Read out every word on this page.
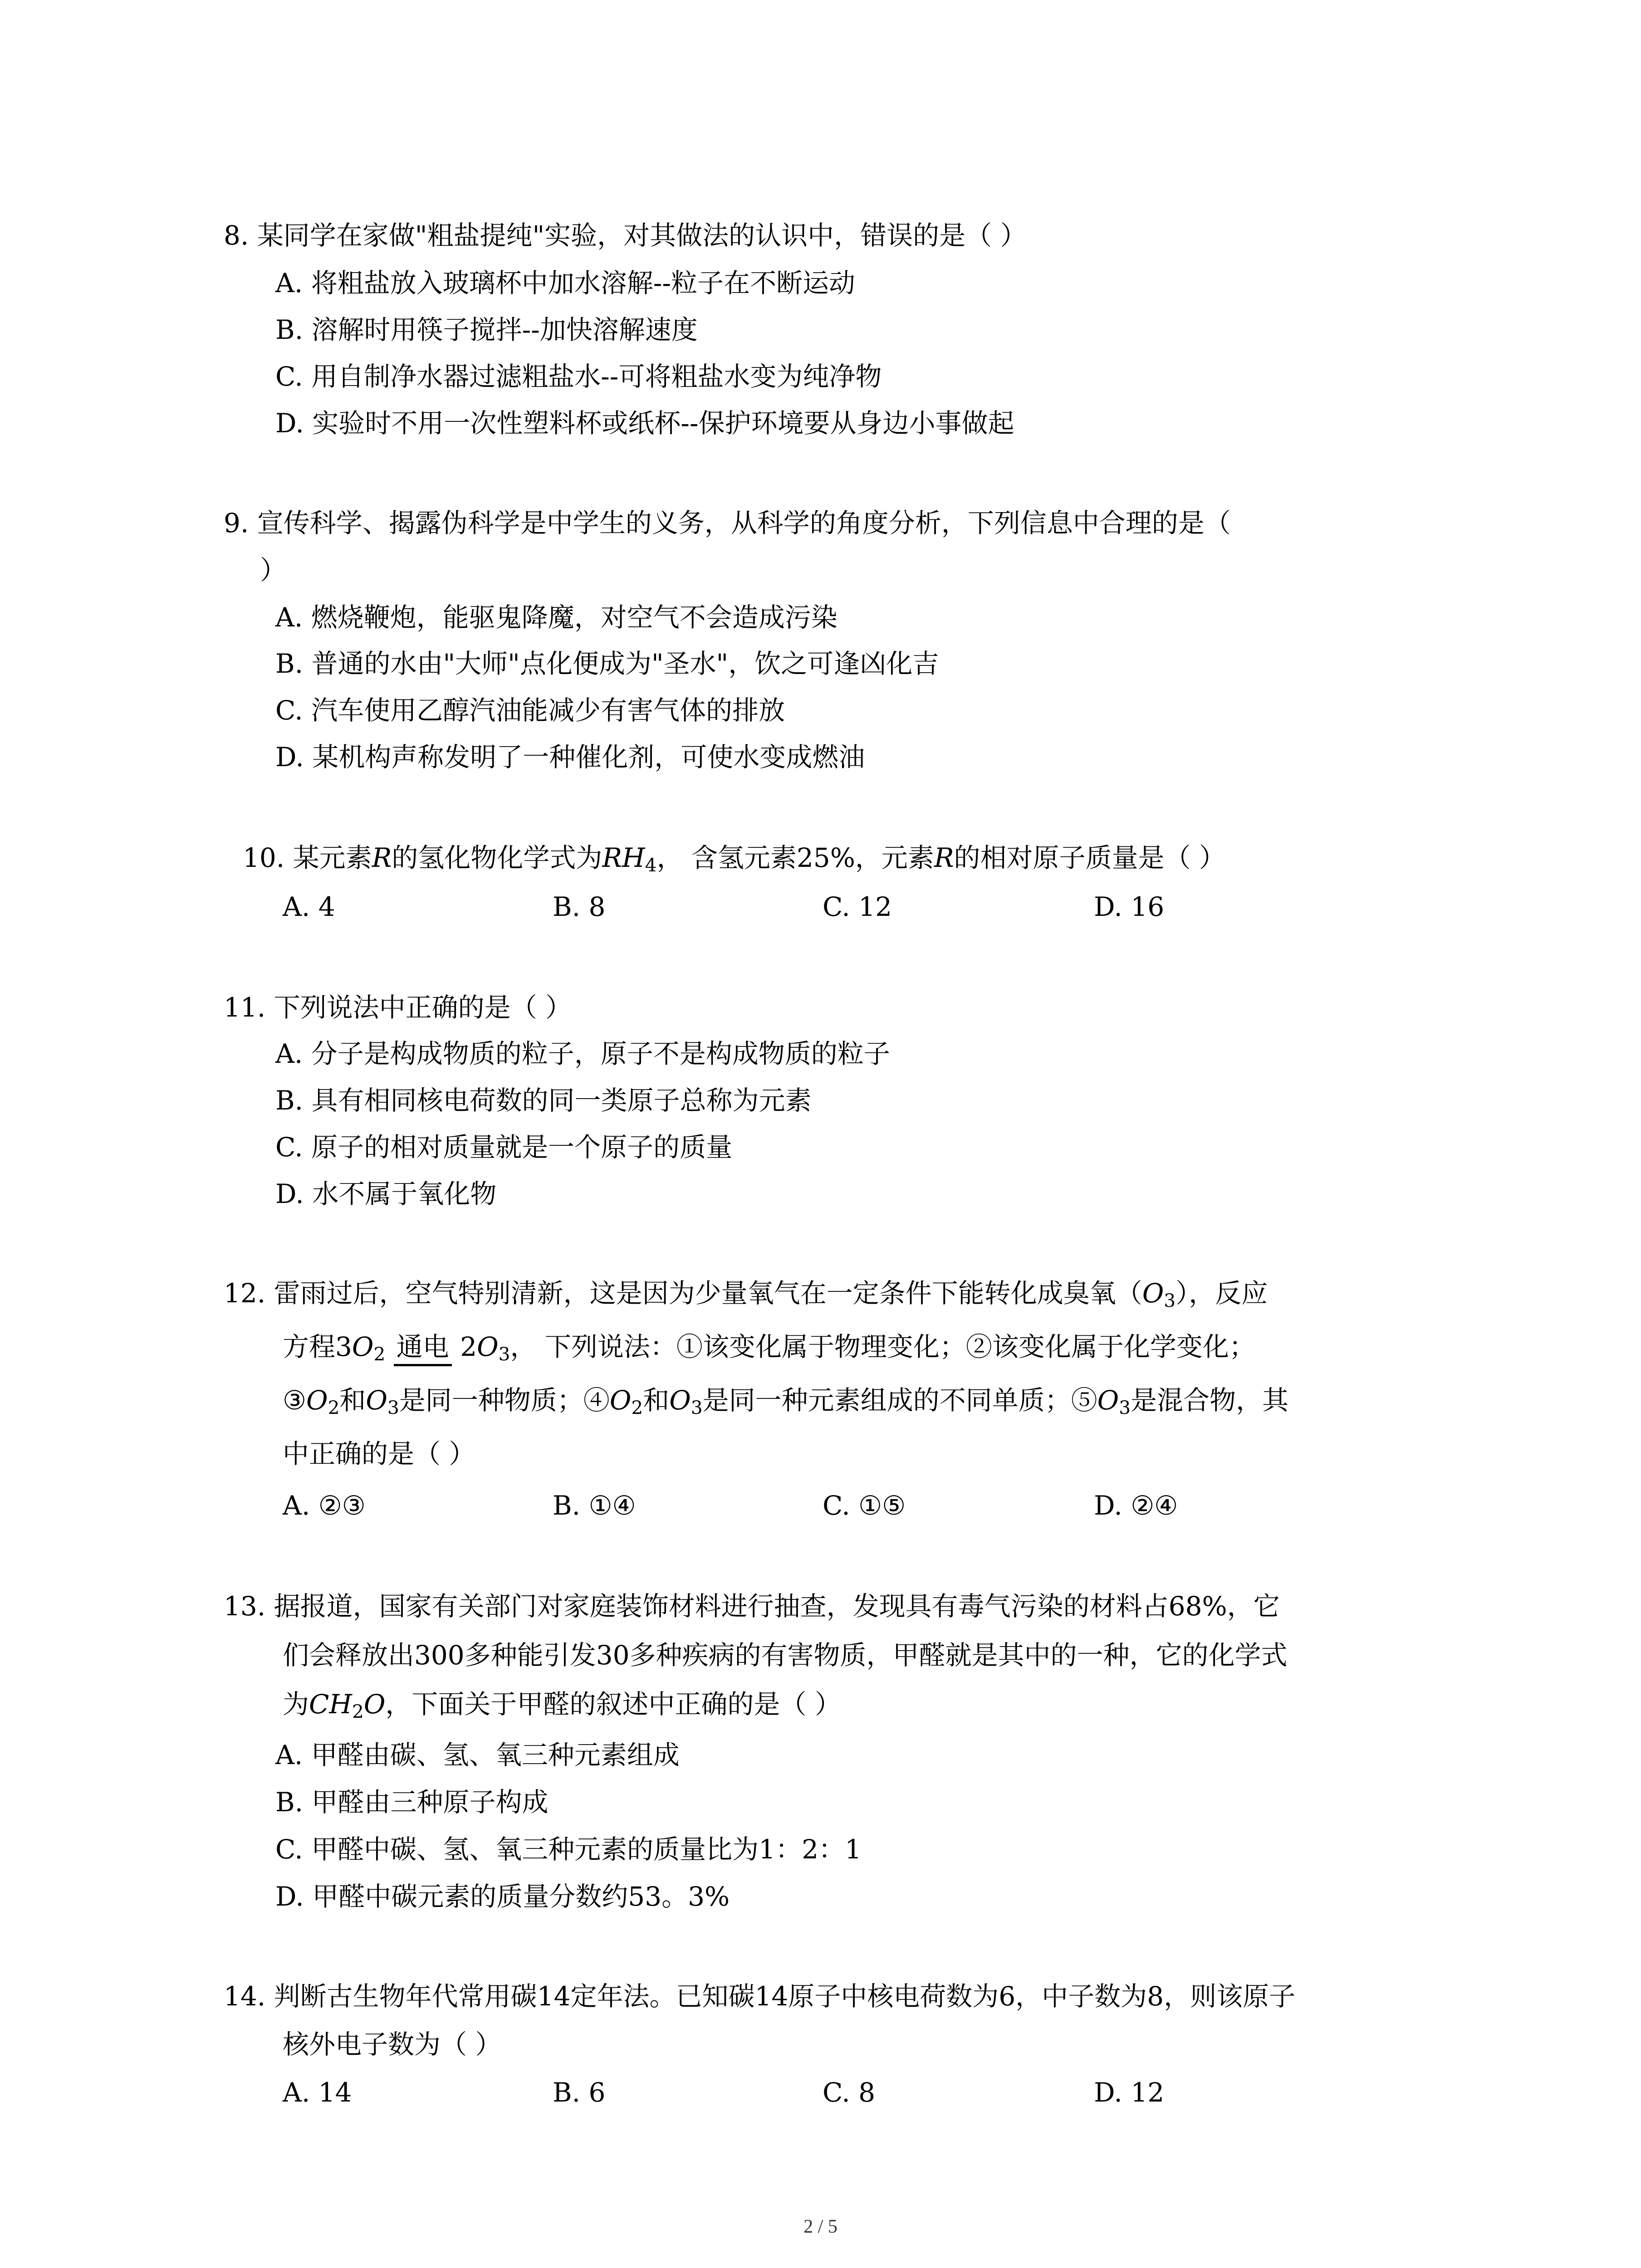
8. 某同学在家做"粗盐提纯"实验，对其做法的认识中，错误的是（ ）
A. 将粗盐放入玻璃杯中加水溶解--粒子在不断运动
B. 溶解时用筷子搅拌--加快溶解速度
C. 用自制净水器过滤粗盐水--可将粗盐水变为纯净物
D. 实验时不用一次性塑料杯或纸杯--保护环境要从身边小事做起
9. 宣传科学、揭露伪科学是中学生的义务，从科学的角度分析，下列信息中合理的是（
）
A. 燃烧鞭炮，能驱鬼降魔，对空气不会造成污染
B. 普通的水由"大师"点化便成为"圣水"，饮之可逢凶化吉
C. 汽车使用乙醇汽油能减少有害气体的排放
D. 某机构声称发明了一种催化剂，可使水变成燃油
10. 某元素R的氢化物化学式为$RH_4$， 含氢元素25%，元素R的相对原子质量是（ ）
A. 4	B. 8	C. 12	D. 16
11. 下列说法中正确的是（ ）
A. 分子是构成物质的粒子，原子不是构成物质的粒子
B. 具有相同核电荷数的同一类原子总称为元素
C. 原子的相对质量就是一个原子的质量
D. 水不属于氧化物
12. 雷雨过后，空气特别清新，这是因为少量氧气在一定条件下能转化成臭氧$(O_3)$，反应
方程$3O_2$ 通电 $2O_3$， 下列说法：①该变化属于物理变化；②该变化属于化学变化；
$③O_2$和$O_3$是同一种物质；$④O_2$和$O_3$是同一种元素组成的不同单质；$⑤O_3$是混合物，其
中正确的是（ ）
A. ②③	B. ①④	C. ①⑤	D. ②④
13. 据报道，国家有关部门对家庭装饰材料进行抽查，发现具有毒气污染的材料占68%，它
们会释放出300多种能引发30多种疾病的有害物质，甲醛就是其中的一种，它的化学式
为$CH_2O$，下面关于甲醛的叙述中正确的是（ ）
A. 甲醛由碳、氢、氧三种元素组成
B. 甲醛由三种原子构成
C. 甲醛中碳、氢、氧三种元素的质量比为1：2：1
D. 甲醛中碳元素的质量分数约53。3%
14. 判断古生物年代常用碳14定年法。已知碳14原子中核电荷数为6，中子数为8，则该原子
核外电子数为（ ）
A. 14	B. 6	C. 8	D. 12
2 / 5
